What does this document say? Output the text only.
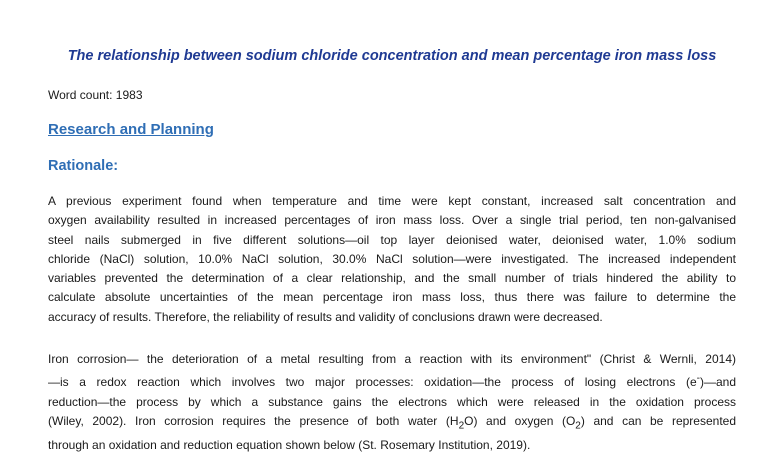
The relationship between sodium chloride concentration and mean percentage iron mass loss
Word count: 1983
Research and Planning
Rationale:
A previous experiment found when temperature and time were kept constant, increased salt concentration and
oxygen availability resulted in increased percentages of iron mass loss. Over a single trial period, ten non-galvanised
steel nails submerged in five different solutions—oil top layer deionised water, deionised water, 1.0% sodium
chloride (NaCl) solution, 10.0% NaCl solution, 30.0% NaCl solution—were investigated. The increased independent
variables prevented the determination of a clear relationship, and the small number of trials hindered the ability to
calculate absolute uncertainties of the mean percentage iron mass loss, thus there was failure to determine the
accuracy of results. Therefore, the reliability of results and validity of conclusions drawn were decreased.
Iron corrosion— the deterioration of a metal resulting from a reaction with its environment" (Christ & Wernli, 2014)
—is a redox reaction which involves two major processes: oxidation—the process of losing electrons (e-)—and
reduction—the process by which a substance gains the electrons which were released in the oxidation process
(Wiley, 2002). Iron corrosion requires the presence of both water $(H_2O)$ and oxygen $(O_2)$ and can be represented
through an oxidation and reduction equation shown below (St. Rosemary Institution, 2019).
